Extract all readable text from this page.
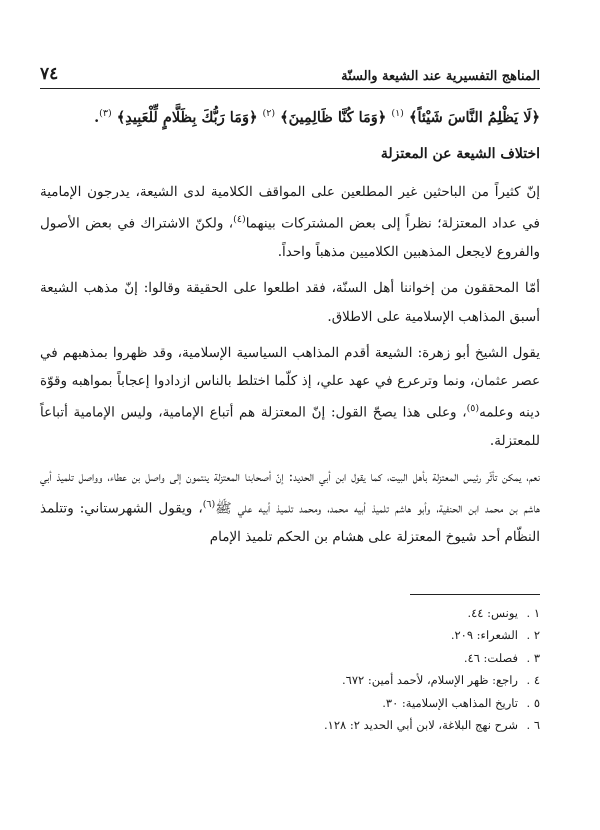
٧٤	المناهج التفسيرية عند الشيعة والسنّة

﴿لَا يَظْلِمُ النَّاسَ شَيْئاً﴾ $^{(١)}$ ﴿وَمَا كُنَّا ظَالِمِينَ﴾ $^{(٢)}$ ﴿وَمَا رَبُّكَ بِظَلَّامٍ لِّلْعَبِيدِ﴾ $^{(٣)}$.

اختلاف الشيعة عن المعتزلة

إنّ كثيراً من الباحثين غير المطلعين على المواقف الكلامية لدى الشيعة، يدرجون الإمامية في عداد المعتزلة؛ نظراً إلى بعض المشتركات بينهما$^{(٤)}$، ولكنّ الاشتراك في بعض الأصول والفروع لايجعل المذهبين الكلاميين مذهباً واحداً.

أمّا المحققون من إخواننا أهل السنّة، فقد اطلعوا على الحقيقة وقالوا: إنّ مذهب الشيعة أسبق المذاهب الإسلامية على الاطلاق.

يقول الشيخ أبو زهرة: الشيعة أقدم المذاهب السياسية الإسلامية، وقد ظهروا بمذهبهم في عصر عثمان، ونما وترعرع في عهد علي، إذ كلّما اختلط بالناس ازدادوا إعجاباً بمواهبه وقوّة دينه وعلمه$^{(٥)}$، وعلى هذا يصحّ القول: إنّ المعتزلة هم أتباع الإمامية، وليس الإمامية أتباعاً للمعتزلة.

نعم، يمكن تأثّر رئيس المعتزلة بأهل البيت، كما يقول ابن أبي الحديد: إنّ أصحابنا المعتزلة ينتمون إلى واصل بن عطاء، وواصل تلميذ أبي هاشم بن محمد ابن الحنفية، وأبو هاشم تلميذ أبيه محمد، ومحمد تلميذ أبيه علي ﷺ$^{(٦)}$، ويقول الشهرستاني: وتتلمذ النظّام أحد شيوخ المعتزلة على هشام بن الحكم تلميذ الإمام

١ .يونس: ٤٤.
٢ .الشعراء: ٢٠٩.
٣ .فصلت: ٤٦.
٤ .راجع: ظهر الإسلام، لأحمد أمين: ٦٧٢.
٥ .تاريخ المذاهب الإسلامية: ٣٠.
٦ .شرح نهج البلاغة، لابن أبي الحديد ٢: ١٢٨.
